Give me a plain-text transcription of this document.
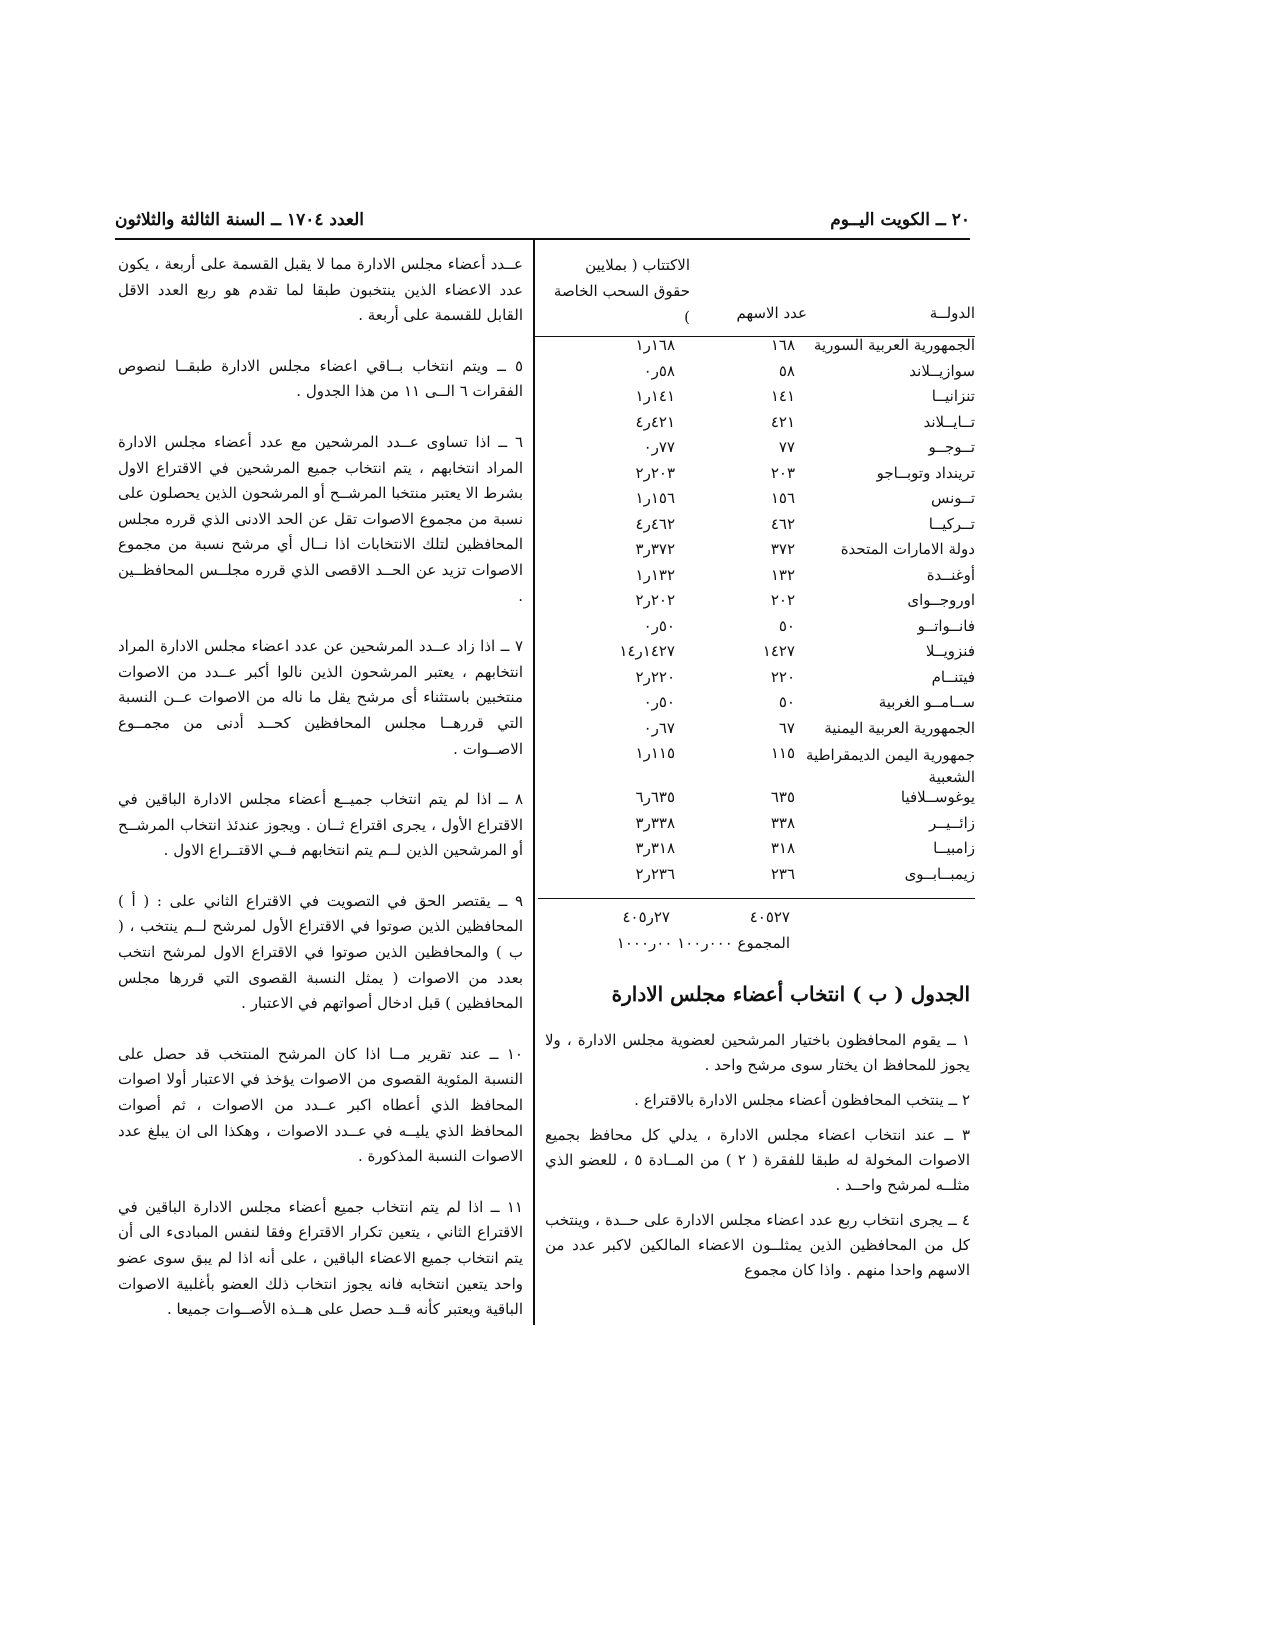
٢٠ ــ الكويت اليــوم
العدد ١٧٠٤ ــ السنة الثالثة والثلاثون
الدولــة
عدد الاسهم
الاكتتاب ( بملايين حقوق السحب الخاصة )
الجمهورية العربية السورية
١٦٨
١٦٨ر١
سوازيــلاند
٥٨
٥٨ر٠
تنزانيــا
١٤١
١٤١ر١
تــايــلاند
٤٢١
٤٢١ر٤
تــوجــو
٧٧
٧٧ر٠
ترينداد وتوبــاجو
٢٠٣
٢٠٣ر٢
تــونس
١٥٦
١٥٦ر١
تــركيــا
٤٦٢
٤٦٢ر٤
دولة الامارات المتحدة
٣٧٢
٣٧٢ر٣
أوغنــدة
١٣٢
١٣٢ر١
اوروجــواى
٢٠٢
٢٠٢ر٢
فانــواتــو
٥٠
٥٠ر٠
فنزويــلا
١٤٢٧
١٤٢٧ر١٤
فيتنــام
٢٢٠
٢٢٠ر٢
ســامــو الغربية
٥٠
٥٠ر٠
الجمهورية العربية اليمنية
٦٧
٦٧ر٠
جمهورية اليمن الديمقراطية الشعبية
١١٥
١١٥ر١
يوغوســلافيا
٦٣٥
٦٣٥ر٦
زائــيــر
٣٣٨
٣٣٨ر٣
زامبيــا
٣١٨
٣١٨ر٣
زيمبــابــوى
٢٣٦
٢٣٦ر٢
٤٠٥٢٧
٢٧ر٤٠٥
المجموع ٠٠٠ر١٠٠ ٠٠ر١٠٠٠
الجدول ( ب ) انتخاب أعضاء مجلس الادارة

١ ــ يقوم المحافظون باختيار المرشحين لعضوية مجلس الادارة ، ولا يجوز للمحافظ ان يختار سوى مرشح واحد .

٢ ــ ينتخب المحافظون أعضاء مجلس الادارة بالاقتراع .

٣ ــ عند انتخاب اعضاء مجلس الادارة ، يدلي كل محافظ بجميع الاصوات المخولة له طبقا للفقرة ( ٢ ) من المــادة ٥ ، للعضو الذي مثلــه لمرشح واحــد .

٤ ــ يجرى انتخاب ربع عدد اعضاء مجلس الادارة على حــدة ، وينتخب كل من المحافظين الذين يمثلــون الاعضاء المالكين لاكبر عدد من الاسهم واحدا منهم . واذا كان مجموع

عــدد أعضاء مجلس الادارة مما لا يقبل القسمة على أربعة ، يكون عدد الاعضاء الذين ينتخبون طبقا لما تقدم هو ربع العدد الاقل القابل للقسمة على أربعة .

٥ ــ ويتم انتخاب بــاقي اعضاء مجلس الادارة طبقــا لنصوص الفقرات ٦ الــى ١١ من هذا الجدول .

٦ ــ اذا تساوى عــدد المرشحين مع عدد أعضاء مجلس الادارة المراد انتخابهم ، يتم انتخاب جميع المرشحين في الاقتراع الاول بشرط الا يعتبر منتخبا المرشــح أو المرشحون الذين يحصلون على نسبة من مجموع الاصوات تقل عن الحد الادنى الذي قرره مجلس المحافظين لتلك الانتخابات اذا نــال أي مرشح نسبة من مجموع الاصوات تزيد عن الحــد الاقصى الذي قرره مجلــس المحافظــين .

٧ ــ اذا زاد عــدد المرشحين عن عدد اعضاء مجلس الادارة المراد انتخابهم ، يعتبر المرشحون الذين نالوا أكبر عــدد من الاصوات منتخبين باستثناء أى مرشح يقل ما ناله من الاصوات عــن النسبة التي قررهــا مجلس المحافظين كحــد أدنى من مجمــوع الاصــوات .

٨ ــ اذا لم يتم انتخاب جميــع أعضاء مجلس الادارة الباقين في الاقتراع الأول ، يجرى اقتراع ثــان . ويجوز عندئذ انتخاب المرشــح أو المرشحين الذين لــم يتم انتخابهم فــي الاقتــراع الاول .

٩ ــ يقتصر الحق في التصويت في الاقتراع الثاني على : ( أ ) المحافظين الذين صوتوا في الاقتراع الأول لمرشح لــم ينتخب ، ( ب ) والمحافظين الذين صوتوا في الاقتراع الاول لمرشح انتخب بعدد من الاصوات ( يمثل النسبة القصوى التي قررها مجلس المحافظين ) قبل ادخال أصواتهم في الاعتبار .

١٠ ــ عند تقرير مــا اذا كان المرشح المنتخب قد حصل على النسبة المئوية القصوى من الاصوات يؤخذ في الاعتبار أولا اصوات المحافظ الذي أعطاه اكبر عــدد من الاصوات ، ثم أصوات المحافظ الذي يليــه في عــدد الاصوات ، وهكذا الى ان يبلغ عدد الاصوات النسبة المذكورة .

١١ ــ اذا لم يتم انتخاب جميع أعضاء مجلس الادارة الباقين في الاقتراع الثاني ، يتعين تكرار الاقتراع وفقا لنفس المبادىء الى أن يتم انتخاب جميع الاعضاء الباقين ، على أنه اذا لم يبق سوى عضو واحد يتعين انتخابه فانه يجوز انتخاب ذلك العضو بأغلبية الاصوات الباقية ويعتبر كأنه قــد حصل على هــذه الأصــوات جميعا .
